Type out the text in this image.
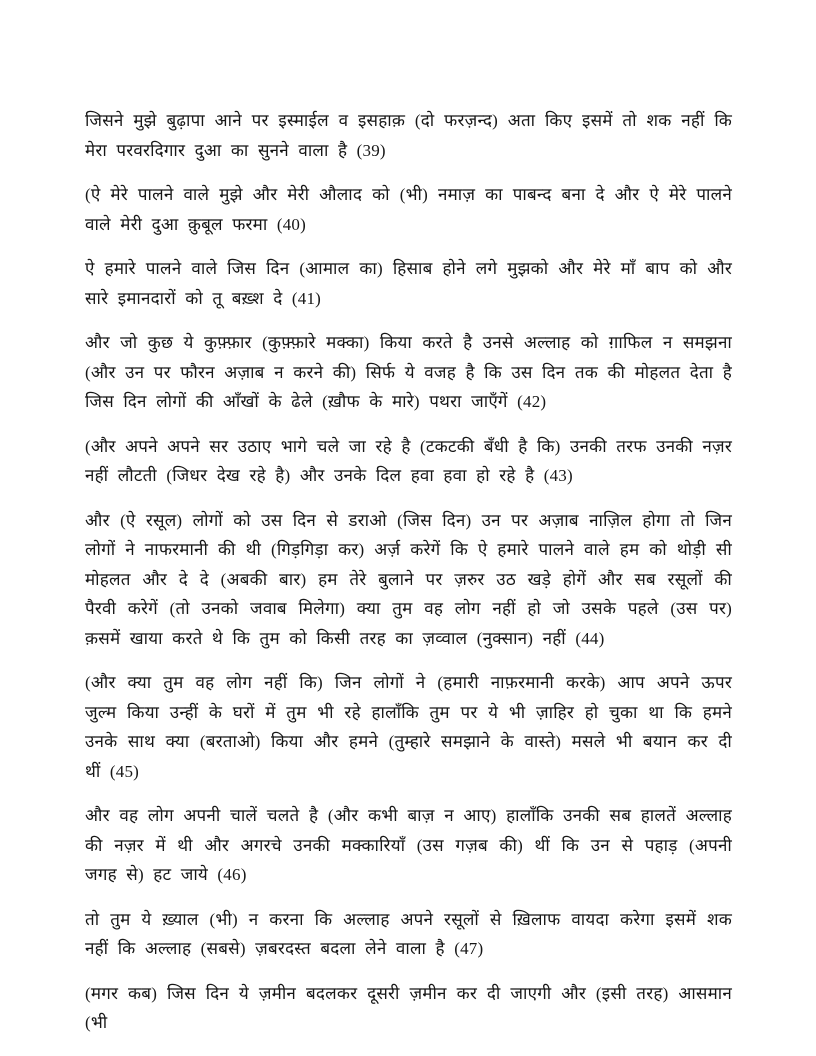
जिसने मुझे बुढ़ापा आने पर इस्माईल व इसहाक़ (दो फरज़न्द) अता किए इसमें तो शक नहीं कि मेरा परवरदिगार दुआ का सुनने वाला है (39)

(ऐ मेरे पालने वाले मुझे और मेरी औलाद को (भी) नमाज़ का पाबन्द बना दे और ऐ मेरे पालने वाले मेरी दुआ क़ुबूल फरमा (40)

ऐ हमारे पालने वाले जिस दिन (आमाल का) हिसाब होने लगे मुझको और मेरे माँ बाप को और सारे इमानदारों को तू बख़्श दे (41)

और जो कुछ ये कुफ़्फ़ार (कुफ़्फ़ारे मक्का) किया करते है उनसे अल्लाह को ग़ाफिल न समझना (और उन पर फौरन अज़ाब न करने की) सिर्फ ये वजह है कि उस दिन तक की मोहलत देता है जिस दिन लोगों की आँखों के ढेले (ख़ौफ के मारे) पथरा जाएँगें (42)

(और अपने अपने सर उठाए भागे चले जा रहे है (टकटकी बँधी है कि) उनकी तरफ उनकी नज़र नहीं लौटती (जिधर देख रहे है) और उनके दिल हवा हवा हो रहे है (43)

और (ऐ रसूल) लोगों को उस दिन से डराओ (जिस दिन) उन पर अज़ाब नाज़िल होगा तो जिन लोगों ने नाफरमानी की थी (गिड़गिड़ा कर) अर्ज़ करेगें कि ऐ हमारे पालने वाले हम को थोड़ी सी मोहलत और दे दे (अबकी बार) हम तेरे बुलाने पर ज़रुर उठ खड़े होगें और सब रसूलों की पैरवी करेगें (तो उनको जवाब मिलेगा) क्या तुम वह लोग नहीं हो जो उसके पहले (उस पर) क़समें खाया करते थे कि तुम को किसी तरह का ज़व्वाल (नुक्सान) नहीं (44)

(और क्या तुम वह लोग नहीं कि) जिन लोगों ने (हमारी नाफ़रमानी करके) आप अपने ऊपर जुल्म किया उन्हीं के घरों में तुम भी रहे हालाँकि तुम पर ये भी ज़ाहिर हो चुका था कि हमने उनके साथ क्या (बरताओ) किया और हमने (तुम्हारे समझाने के वास्ते) मसले भी बयान कर दी थीं (45)

और वह लोग अपनी चालें चलते है (और कभी बाज़ न आए) हालाँकि उनकी सब हालतें अल्लाह की नज़र में थी और अगरचे उनकी मक्कारियाँ (उस गज़ब की) थीं कि उन से पहाड़ (अपनी जगह से) हट जाये (46)

तो तुम ये ख़्याल (भी) न करना कि अल्लाह अपने रसूलों से ख़िलाफ वायदा करेगा इसमें शक नहीं कि अल्लाह (सबसे) ज़बरदस्त बदला लेने वाला है (47)

(मगर कब) जिस दिन ये ज़मीन बदलकर दूसरी ज़मीन कर दी जाएगी और (इसी तरह) आसमान (भी
